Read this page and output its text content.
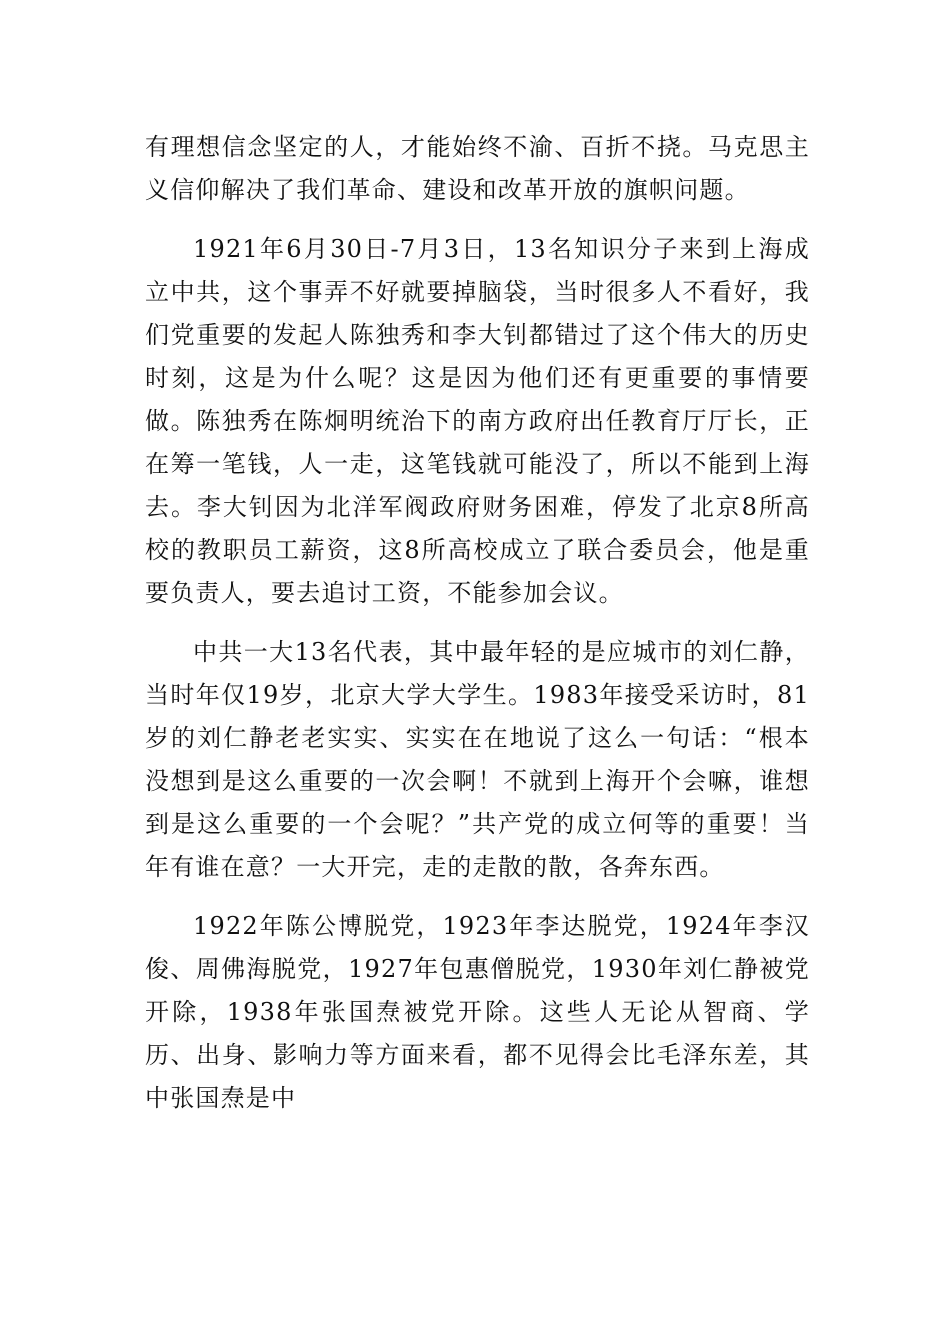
有理想信念坚定的人，才能始终不渝、百折不挠。马克思主义信仰解决了我们革命、建设和改革开放的旗帜问题。

1921年6月30日-7月3日，13名知识分子来到上海成立中共，这个事弄不好就要掉脑袋，当时很多人不看好，我们党重要的发起人陈独秀和李大钊都错过了这个伟大的历史时刻，这是为什么呢？这是因为他们还有更重要的事情要做。陈独秀在陈炯明统治下的南方政府出任教育厅厅长，正在筹一笔钱，人一走，这笔钱就可能没了，所以不能到上海去。李大钊因为北洋军阀政府财务困难，停发了北京8所高校的教职员工薪资，这8所高校成立了联合委员会，他是重要负责人，要去追讨工资，不能参加会议。

中共一大13名代表，其中最年轻的是应城市的刘仁静，当时年仅19岁，北京大学大学生。1983年接受采访时，81岁的刘仁静老老实实、实实在在地说了这么一句话：“根本没想到是这么重要的一次会啊！不就到上海开个会嘛，谁想到是这么重要的一个会呢？”共产党的成立何等的重要！当年有谁在意？一大开完，走的走散的散，各奔东西。

1922年陈公博脱党，1923年李达脱党，1924年李汉俊、周佛海脱党，1927年包惠僧脱党，1930年刘仁静被党开除，1938年张国焘被党开除。这些人无论从智商、学历、出身、影响力等方面来看，都不见得会比毛泽东差，其中张国焘是中
